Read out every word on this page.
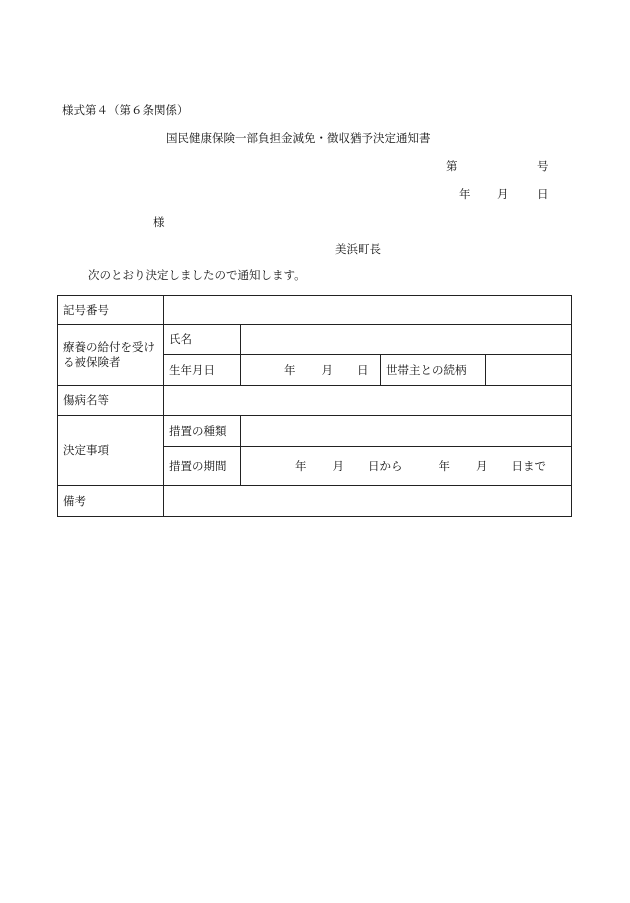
様式第４（第６条関係）
国民健康保険一部負担金減免・徴収猶予決定通知書
第	号
年 月 日
様
美浜町長
次のとおり決定しましたので通知します。
記号番号				
療養の給付を受ける被保険者	氏名			
	生年月日	年 月 日	世帯主との続柄	
傷病名等				
決定事項	措置の種類			
	措置の期間	年 月 日から 年 月 日まで		
備考				
